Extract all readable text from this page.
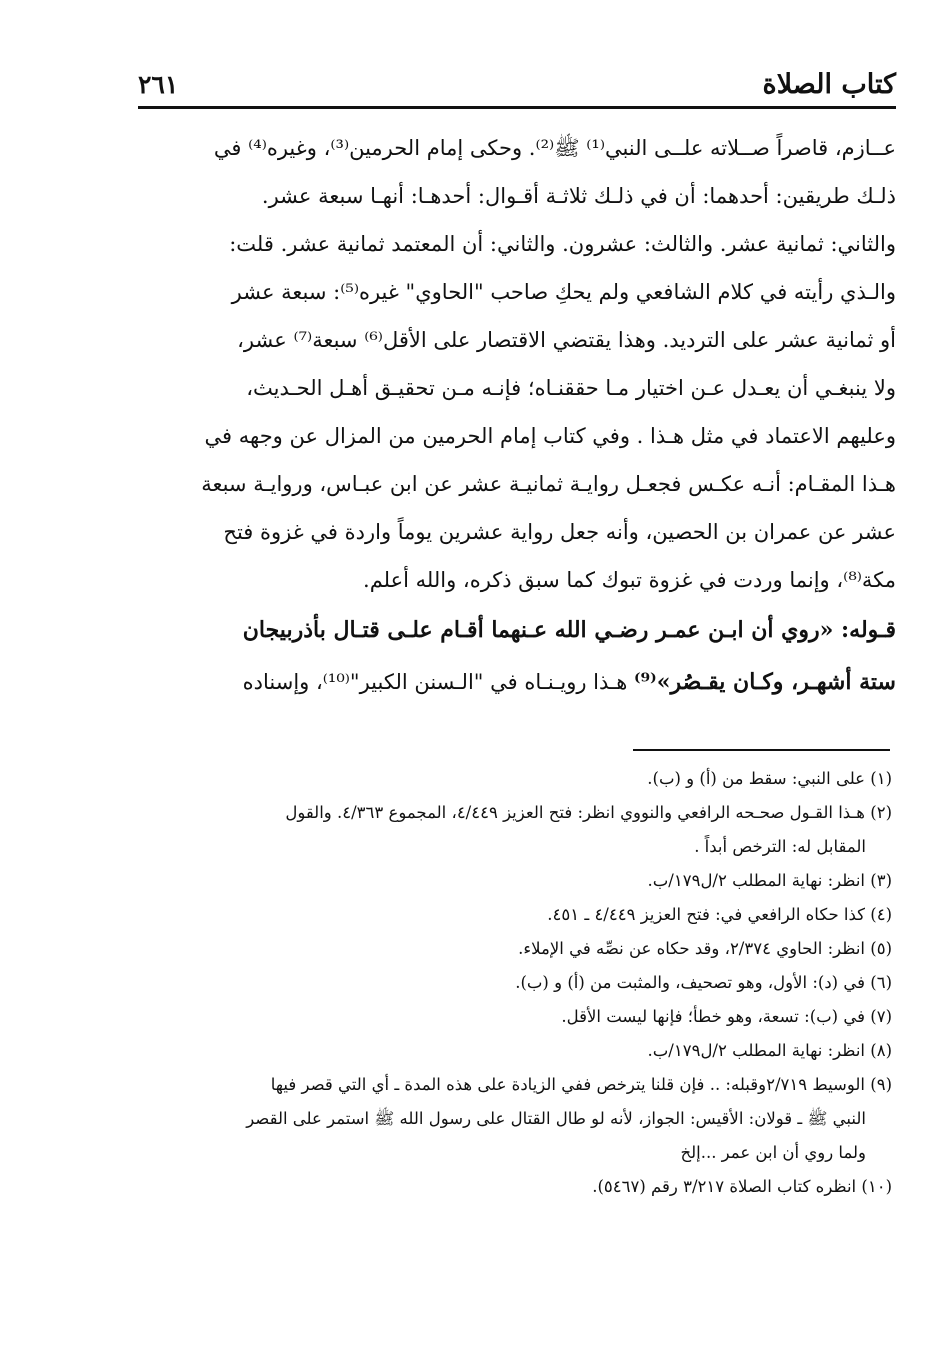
كتاب الصلاة
٢٦١
عــازم، قاصراً صــلاته علــى النبي⁽¹⁾ ﷺ⁽²⁾. وحكى إمام الحرمين⁽³⁾، وغيره⁽⁴⁾ في
ذلـك طريقين: أحدهما: أن في ذلـك ثلاثـة أقـوال: أحدهـا: أنهـا سبعة عشر.
والثاني: ثمانية عشر. والثالث: عشرون. والثاني: أن المعتمد ثمانية عشر. قلت:
والـذي رأيته في كلام الشافعي ولم يحكِ صاحب "الحاوي" غيره⁽⁵⁾: سبعة عشر
أو ثمانية عشر على الترديد. وهذا يقتضي الاقتصار على الأقل⁽⁶⁾ سبعة⁽⁷⁾ عشر،
ولا ينبغـي أن يعـدل عـن اختيار مـا حققنـاه؛ فإنـه مـن تحقيـق أهـل الحـديث،
وعليهم الاعتماد في مثل هـذا . وفي كتاب إمام الحرمين من المزال عن وجهه في
هـذا المقـام: أنـه عكـس فجعـل روايـة ثمانيـة عشر عن ابن عبـاس، وروايـة سبعة
عشر عن عمران بن الحصين، وأنه جعل رواية عشرين يوماً واردة في غزوة فتح
مكة⁽⁸⁾، وإنما وردت في غزوة تبوك كما سبق ذكره، والله أعلم.
قـوله: «روي أن ابـن عمـر رضـي الله عـنهما أقـام علـى قتـال بأذربيجان
ستة أشهـر، وكـان يقـصُر»⁽⁹⁾ هـذا رويـنـاه في "الـسنن الكبير"⁽¹⁰⁾، وإسناده
(١) على النبي: سقط من (أ) و (ب).
(٢) هـذا القـول صحـحه الرافعي والنووي انظر: فتح العزيز ٤/٤٤٩، المجموع ٤/٣٦٣. والقول
المقابل له: الترخص أبداً .
(٣) انظر: نهاية المطلب ٢/ل١٧٩/ب.
(٤) كذا حكاه الرافعي في: فتح العزيز ٤/٤٤٩ ـ ٤٥١.
(٥) انظر: الحاوي ٢/٣٧٤، وقد حكاه عن نصِّه في الإملاء.
(٦) في (د): الأول، وهو تصحيف، والمثبت من (أ) و (ب).
(٧) في (ب): تسعة، وهو خطأ؛ فإنها ليست الأقل.
(٨) انظر: نهاية المطلب ٢/ل١٧٩/ب.
(٩) الوسيط ٢/٧١٩وقبله: .. فإن قلنا يترخص ففي الزيادة على هذه المدة ـ أي التي قصر فيها
النبي ﷺ ـ قولان: الأقيس: الجواز، لأنه لو طال القتال على رسول الله ﷺ استمر على القصر
ولما روي أن ابن عمر ...إلخ
(١٠) انظره كتاب الصلاة ٣/٢١٧ رقم (٥٤٦٧).
